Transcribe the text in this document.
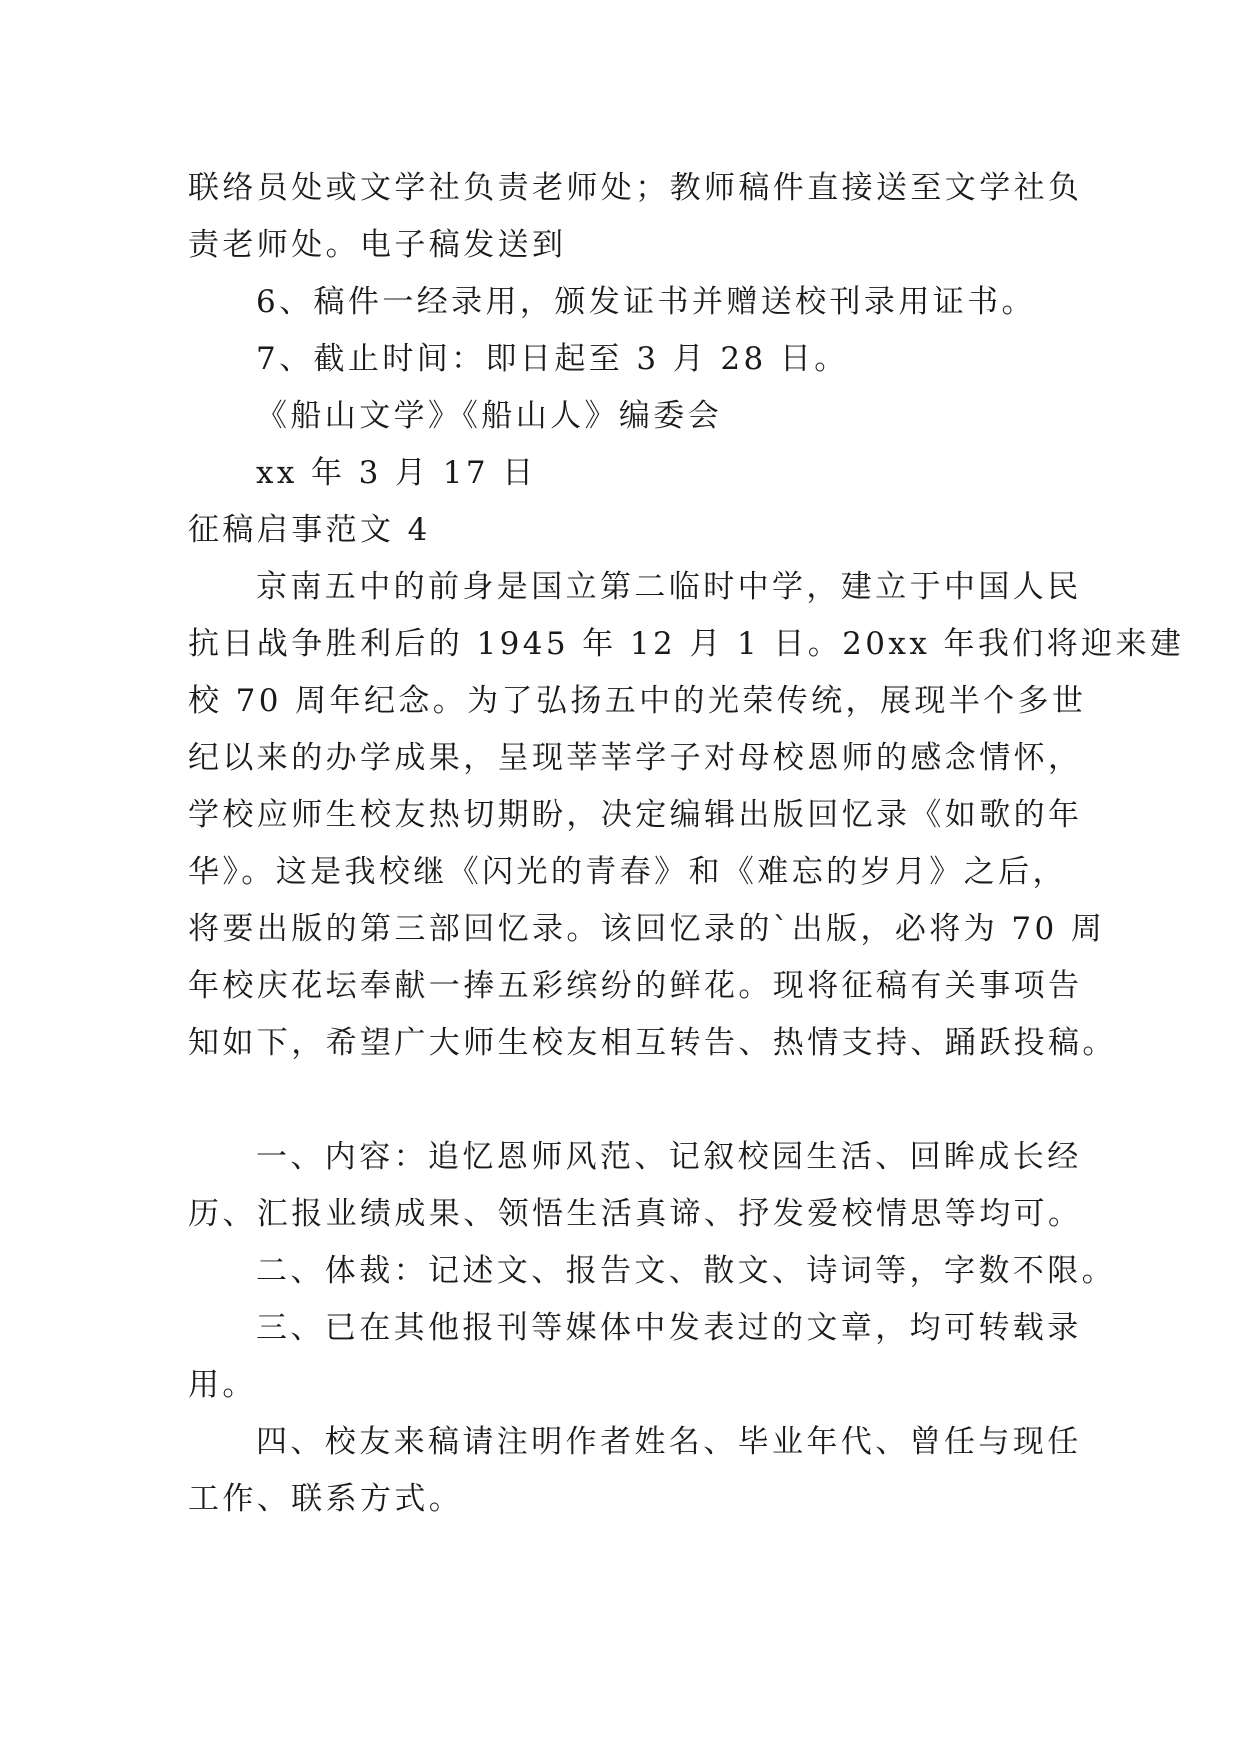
联络员处或文学社负责老师处；教师稿件直接送至文学社负
责老师处。电子稿发送到
6、稿件一经录用，颁发证书并赠送校刊录用证书。
7、截止时间：即日起至 3 月 28 日。
《船山文学》《船山人》编委会
xx 年 3 月 17 日
征稿启事范文 4
京南五中的前身是国立第二临时中学，建立于中国人民
抗日战争胜利后的 1945 年 12 月 1 日。20xx 年我们将迎来建
校 70 周年纪念。为了弘扬五中的光荣传统，展现半个多世
纪以来的办学成果，呈现莘莘学子对母校恩师的感念情怀，
学校应师生校友热切期盼，决定编辑出版回忆录《如歌的年
华》。这是我校继《闪光的青春》和《难忘的岁月》之后，
将要出版的第三部回忆录。该回忆录的`出版，必将为 70 周
年校庆花坛奉献一捧五彩缤纷的鲜花。现将征稿有关事项告
知如下，希望广大师生校友相互转告、热情支持、踊跃投稿。
一、内容：追忆恩师风范、记叙校园生活、回眸成长经
历、汇报业绩成果、领悟生活真谛、抒发爱校情思等均可。
二、体裁：记述文、报告文、散文、诗词等，字数不限。
三、已在其他报刊等媒体中发表过的文章，均可转载录
用。
四、校友来稿请注明作者姓名、毕业年代、曾任与现任
工作、联系方式。
